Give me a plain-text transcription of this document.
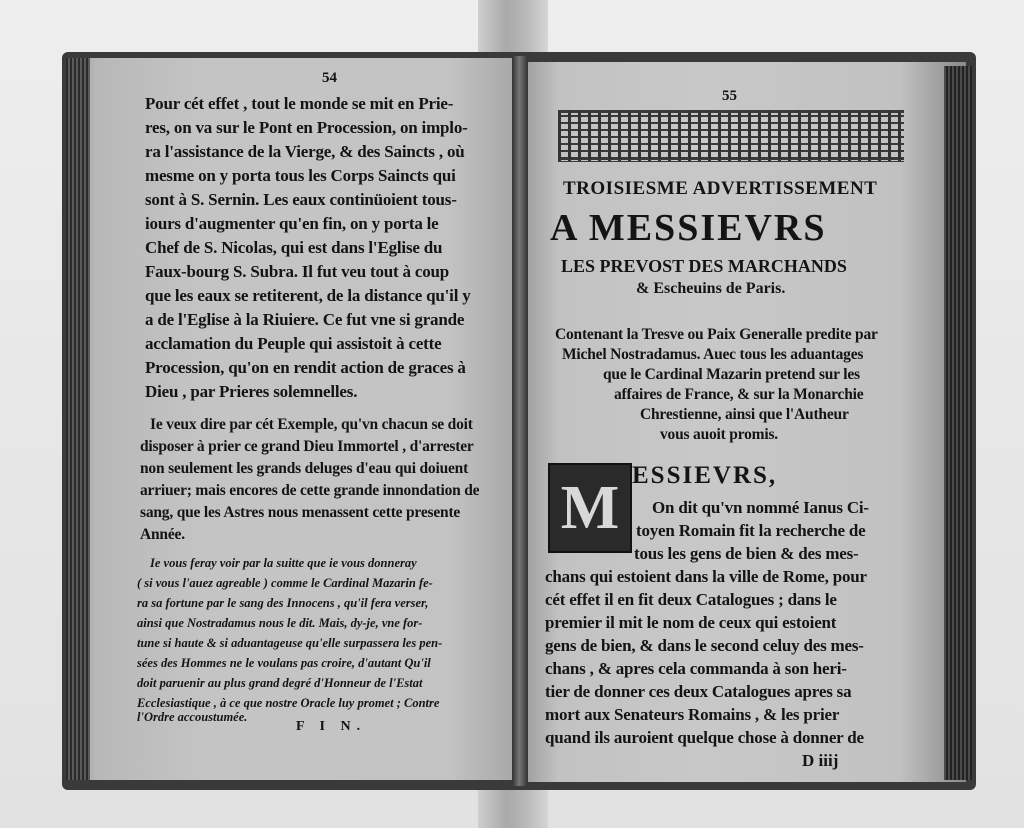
54
Pour cét effet , tout le monde se mit en Prie-
res, on va sur le Pont en Procession, on implo-
ra l'assistance de la Vierge, & des Saincts , où
mesme on y porta tous les Corps Saincts qui
sont à S. Sernin. Les eaux continüoient tous-
iours d'augmenter qu'en fin, on y porta le
Chef de S. Nicolas, qui est dans l'Eglise du
Faux-bourg S. Subra. Il fut veu tout à coup
que les eaux se retiterent, de la distance qu'il y
a de l'Eglise à la Riuiere. Ce fut vne si grande
acclamation du Peuple qui assistoit à cette
Procession, qu'on en rendit action de graces à
Dieu , par Prieres solemnelles.
Ie veux dire par cét Exemple, qu'vn chacun se doit
disposer à prier ce grand Dieu Immortel , d'arrester
non seulement les grands deluges d'eau qui doiuent
arriuer; mais encores de cette grande innondation de
sang, que les Astres nous menassent cette presente
Année.
Ie vous feray voir par la suitte que ie vous donneray
( si vous l'auez agreable ) comme le Cardinal Mazarin fe-
ra sa fortune par le sang des Innocens , qu'il fera verser,
ainsi que Nostradamus nous le dit. Mais, dy-je, vne for-
tune si haute & si aduantageuse qu'elle surpassera les pen-
sées des Hommes ne le voulans pas croire, d'autant Qu'il
doit paruenir au plus grand degré d'Honneur de l'Estat
Ecclesiastique , à ce que nostre Oracle luy promet ; Contre
l'Ordre accoustumée.
F I N.
55
TROISIESME ADVERTISSEMENT
A MESSIEVRS
LES PREVOST DES MARCHANDS
& Escheuins de Paris.
Contenant la Tresve ou Paix Generalle predite par
Michel Nostradamus. Auec tous les aduantages
que le Cardinal Mazarin pretend sur les
affaires de France, & sur la Monarchie
Chrestienne, ainsi que l'Autheur
vous auoit promis.
M ESSIEVRS,
On dit qu'vn nommé Ianus Ci-
toyen Romain fit la recherche de
tous les gens de bien & des mes-
chans qui estoient dans la ville de Rome, pour
cét effet il en fit deux Catalogues ; dans le
premier il mit le nom de ceux qui estoient
gens de bien, & dans le second celuy des mes-
chans , & apres cela commanda à son heri-
tier de donner ces deux Catalogues apres sa
mort aux Senateurs Romains , & les prier
quand ils auroient quelque chose à donner de
D iiij
